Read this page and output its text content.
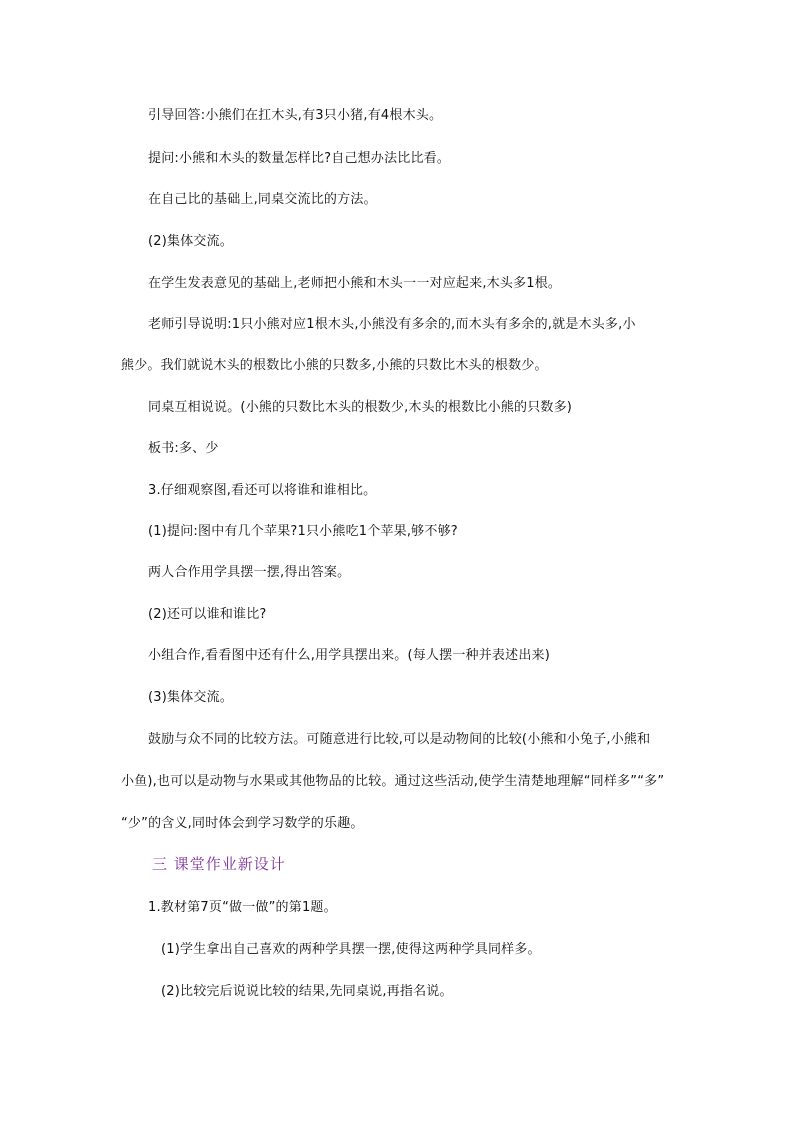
引导回答:小熊们在扛木头,有3只小猪,有4根木头。
提问:小熊和木头的数量怎样比?自己想办法比比看。
在自己比的基础上,同桌交流比的方法。
(2)集体交流。
在学生发表意见的基础上,老师把小熊和木头一一对应起来,木头多1根。
老师引导说明:1只小熊对应1根木头,小熊没有多余的,而木头有多余的,就是木头多,小
熊少。我们就说木头的根数比小熊的只数多,小熊的只数比木头的根数少。
同桌互相说说。(小熊的只数比木头的根数少,木头的根数比小熊的只数多)
板书:多、少
3.仔细观察图,看还可以将谁和谁相比。
(1)提问:图中有几个苹果?1只小熊吃1个苹果,够不够?
两人合作用学具摆一摆,得出答案。
(2)还可以谁和谁比?
小组合作,看看图中还有什么,用学具摆出来。(每人摆一种并表述出来)
(3)集体交流。
鼓励与众不同的比较方法。可随意进行比较,可以是动物间的比较(小熊和小兔子,小熊和
小鱼),也可以是动物与水果或其他物品的比较。通过这些活动,使学生清楚地理解“同样多”“多”
“少”的含义,同时体会到学习数学的乐趣。
三 课堂作业新设计
1.教材第7页“做一做”的第1题。
(1)学生拿出自己喜欢的两种学具摆一摆,使得这两种学具同样多。
(2)比较完后说说比较的结果,先同桌说,再指名说。
